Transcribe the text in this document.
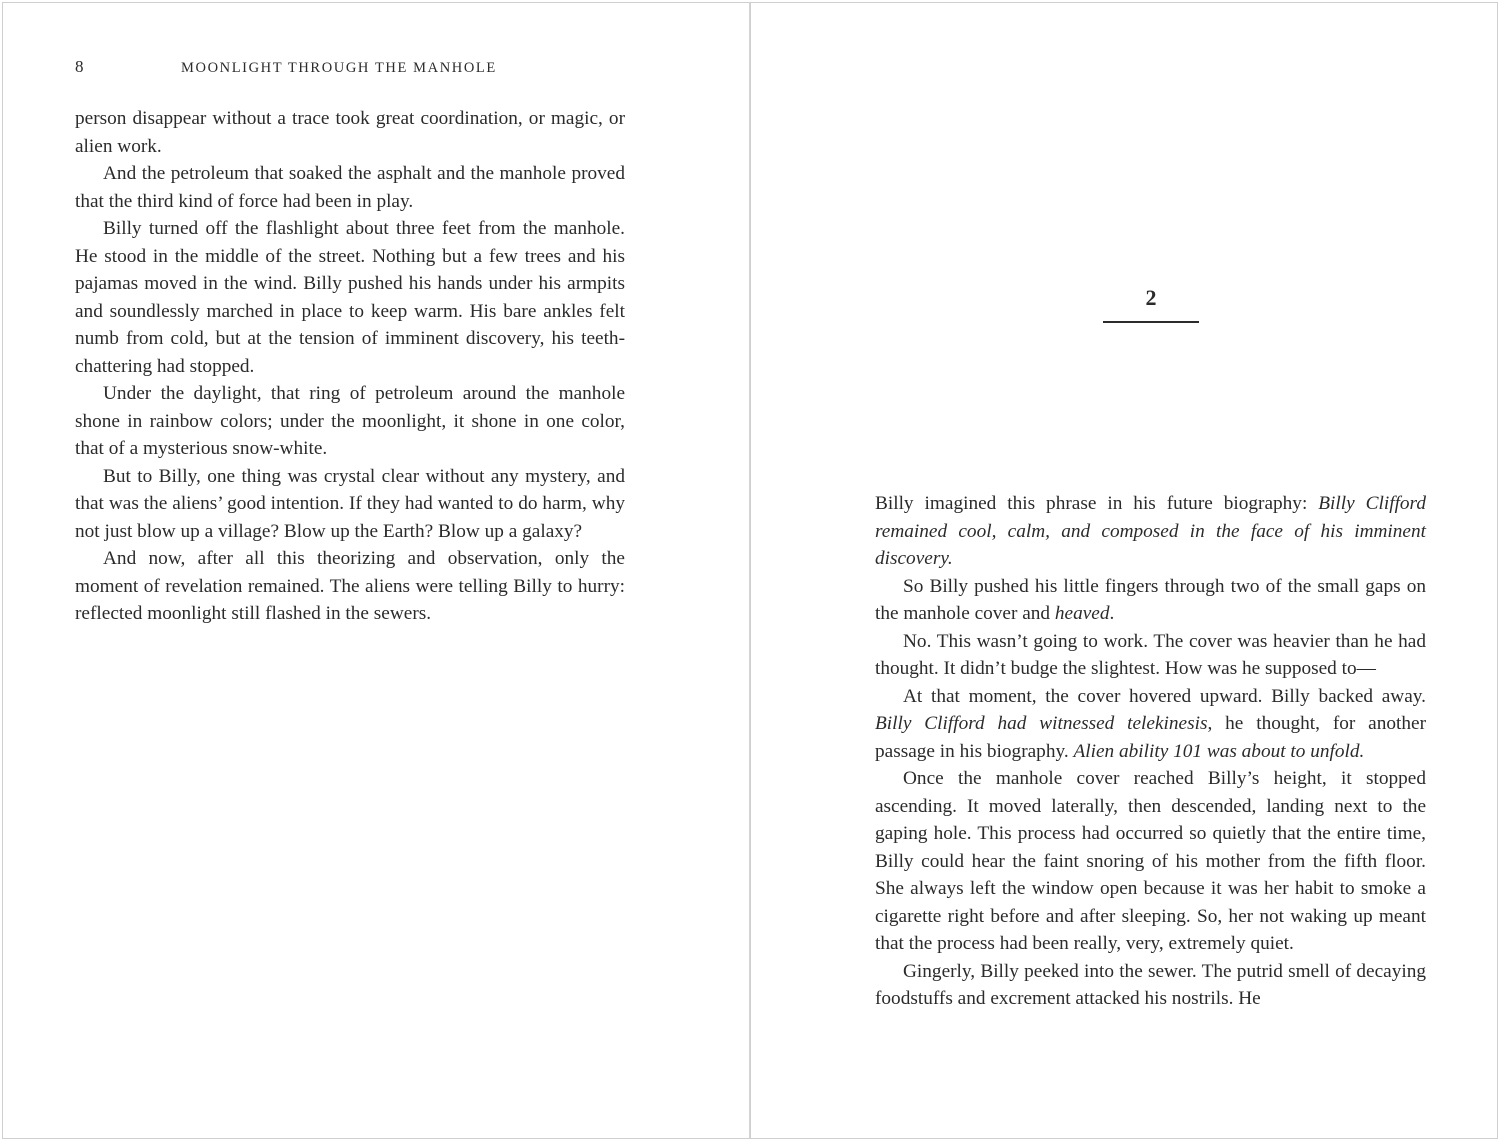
8	MOONLIGHT THROUGH THE MANHOLE

person disappear without a trace took great coordination, or magic, or alien work.

And the petroleum that soaked the asphalt and the manhole proved that the third kind of force had been in play.

Billy turned off the flashlight about three feet from the manhole. He stood in the middle of the street. Nothing but a few trees and his pajamas moved in the wind. Billy pushed his hands under his armpits and soundlessly marched in place to keep warm. His bare ankles felt numb from cold, but at the tension of imminent discovery, his teeth-chattering had stopped.

Under the daylight, that ring of petroleum around the manhole shone in rainbow colors; under the moonlight, it shone in one color, that of a mysterious snow-white.

But to Billy, one thing was crystal clear without any mystery, and that was the aliens’ good intention. If they had wanted to do harm, why not just blow up a village? Blow up the Earth? Blow up a galaxy?

And now, after all this theorizing and observation, only the moment of revelation remained. The aliens were telling Billy to hurry: reflected moonlight still flashed in the sewers.

2

Billy imagined this phrase in his future biography: Billy Clifford remained cool, calm, and composed in the face of his imminent discovery.

So Billy pushed his little fingers through two of the small gaps on the manhole cover and heaved.

No. This wasn’t going to work. The cover was heavier than he had thought. It didn’t budge the slightest. How was he supposed to—

At that moment, the cover hovered upward. Billy backed away. Billy Clifford had witnessed telekinesis, he thought, for another passage in his biography. Alien ability 101 was about to unfold.

Once the manhole cover reached Billy’s height, it stopped ascending. It moved laterally, then descended, landing next to the gaping hole. This process had occurred so quietly that the entire time, Billy could hear the faint snoring of his mother from the fifth floor. She always left the window open because it was her habit to smoke a cigarette right before and after sleeping. So, her not waking up meant that the process had been really, very, extremely quiet.

Gingerly, Billy peeked into the sewer. The putrid smell of decaying foodstuffs and excrement attacked his nostrils. He
